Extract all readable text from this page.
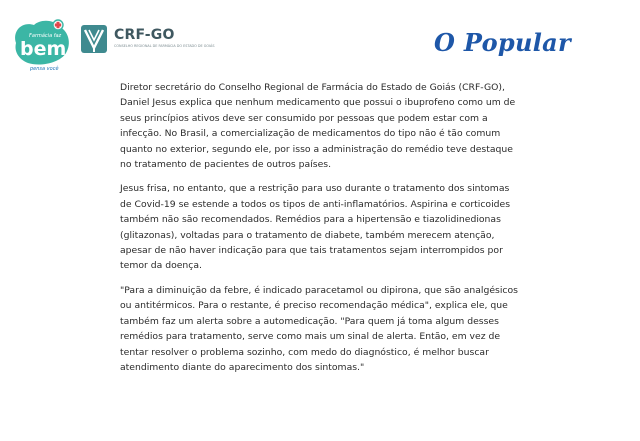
Farmácia faz
bem
pensa você
CRF-GO
CONSELHO REGIONAL DE FARMÁCIA DO ESTADO DE GOIÁS	O Popular

Diretor secretário do Conselho Regional de Farmácia do Estado de Goiás (CRF-GO), Daniel Jesus explica que nenhum medicamento que possui o ibuprofeno como um de seus princípios ativos deve ser consumido por pessoas que podem estar com a infecção. No Brasil, a comercialização de medicamentos do tipo não é tão comum quanto no exterior, segundo ele, por isso a administração do remédio teve destaque no tratamento de pacientes de outros países.

Jesus frisa, no entanto, que a restrição para uso durante o tratamento dos sintomas de Covid-19 se estende a todos os tipos de anti-inflamatórios. Aspirina e corticoides também não são recomendados. Remédios para a hipertensão e tiazolidinedionas (glitazonas), voltadas para o tratamento de diabete, também merecem atenção, apesar de não haver indicação para que tais tratamentos sejam interrompidos por temor da doença.

"Para a diminuição da febre, é indicado paracetamol ou dipirona, que são analgésicos ou antitérmicos. Para o restante, é preciso recomendação médica", explica ele, que também faz um alerta sobre a automedicação. "Para quem já toma algum desses remédios para tratamento, serve como mais um sinal de alerta. Então, em vez de tentar resolver o problema sozinho, com medo do diagnóstico, é melhor buscar atendimento diante do aparecimento dos sintomas."
